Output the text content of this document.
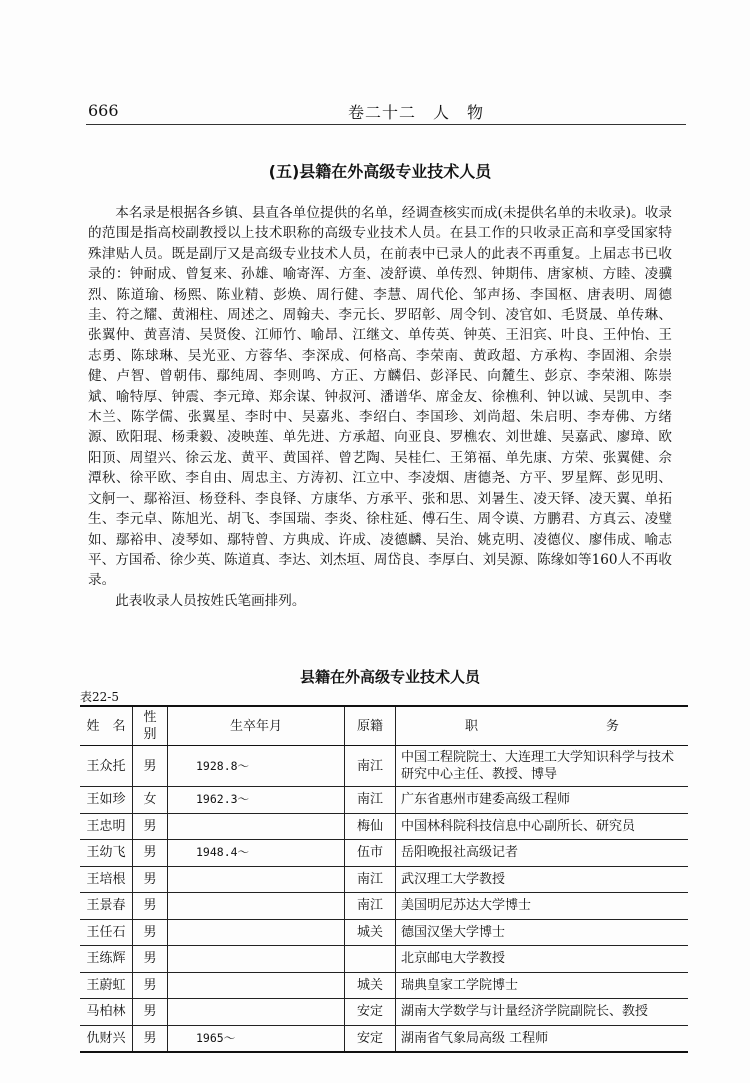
666	卷二十二　人　物
(五)县籍在外高级专业技术人员

本名录是根据各乡镇、县直各单位提供的名单，经调查核实而成(未提供名单的未收录)。收录的范围是指高校副教授以上技术职称的高级专业技术人员。在县工作的只收录正高和享受国家特殊津贴人员。既是副厅又是高级专业技术人员，在前表中已录人的此表不再重复。上届志书已收录的：钟耐成、曾复来、孙雄、喻寄浑、方奎、凌舒谟、单传烈、钟期伟、唐家桢、方睦、凌骥烈、陈道瑜、杨熙、陈业精、彭焕、周行健、李慧、周代伦、邹声扬、李国枢、唐表明、周德圭、符之耀、黄湘柱、周述之、周翰夫、李元长、罗昭彰、周令钊、凌官如、毛贤晟、单传琳、张翼仲、黄喜清、吴贤俊、江师竹、喻昂、江继文、单传英、钟英、王汨宾、叶良、王仲怡、王志勇、陈球琳、吴光亚、方蓉华、李深成、何格高、李荣南、黄政超、方承构、李固湘、余崇健、卢智、曾朝伟、鄢纯周、李则鸣、方正、方麟侣、彭泽民、向麓生、彭京、李荣湘、陈崇斌、喻特厚、钟震、李元璋、郑余谋、钟叔河、潘谱华、席金友、徐樵利、钟以诚、吴凯申、李木兰、陈学儒、张翼星、李时中、吴嘉兆、李绍白、李国珍、刘尚超、朱启明、李寿佛、方绪源、欧阳琨、杨秉毅、凌映莲、单先进、方承超、向亚良、罗樵农、刘世雄、吴嘉武、廖璋、欧阳顶、周望兴、徐云龙、黄平、黄国祥、曾艺陶、吴桂仁、王第福、单先康、方荣、张翼健、佘潭秋、徐平欧、李自由、周忠主、方涛初、江立中、李凌烟、唐德尧、方平、罗星辉、彭见明、文舸一、鄢裕洹、杨登科、李良铎、方康华、方承平、张和思、刘暑生、凌天铎、凌天翼、单拓生、李元卓、陈旭光、胡飞、李国瑞、李炎、徐柱延、傅石生、周令谟、方鹏君、方真云、凌璧如、鄢裕申、凌琴如、鄢特曾、方典成、许成、凌德麟、吴治、姚克明、凌德仪、廖伟成、喻志平、方国希、徐少英、陈道真、李达、刘杰垣、周岱良、李厚白、刘吴源、陈缘如等160人不再收录。

此表收录人员按姓氏笔画排列。

县籍在外高级专业技术人员
表22-5
姓　名	性别	生卒年月	原籍	职 务

王众托	男	1928.8～	南江	中国工程院院士、大连理工大学知识科学与技术研究中心主任、教授、博导
王如珍	女	1962.3～	南江	广东省惠州市建委高级工程师
王忠明	男		梅仙	中国林科院科技信息中心副所长、研究员
王幼飞	男	1948.4～	伍市	岳阳晚报社高级记者
王培根	男		南江	武汉理工大学教授
王景春	男		南江	美国明尼苏达大学博士
王任石	男		城关	德国汉堡大学博士
王练辉	男			北京邮电大学教授
王蔚虹	男		城关	瑞典皇家工学院博士
马柏林	男		安定	湖南大学数学与计量经济学院副院长、教授
仇财兴	男	1965～	安定	湖南省气象局高级 工程师
